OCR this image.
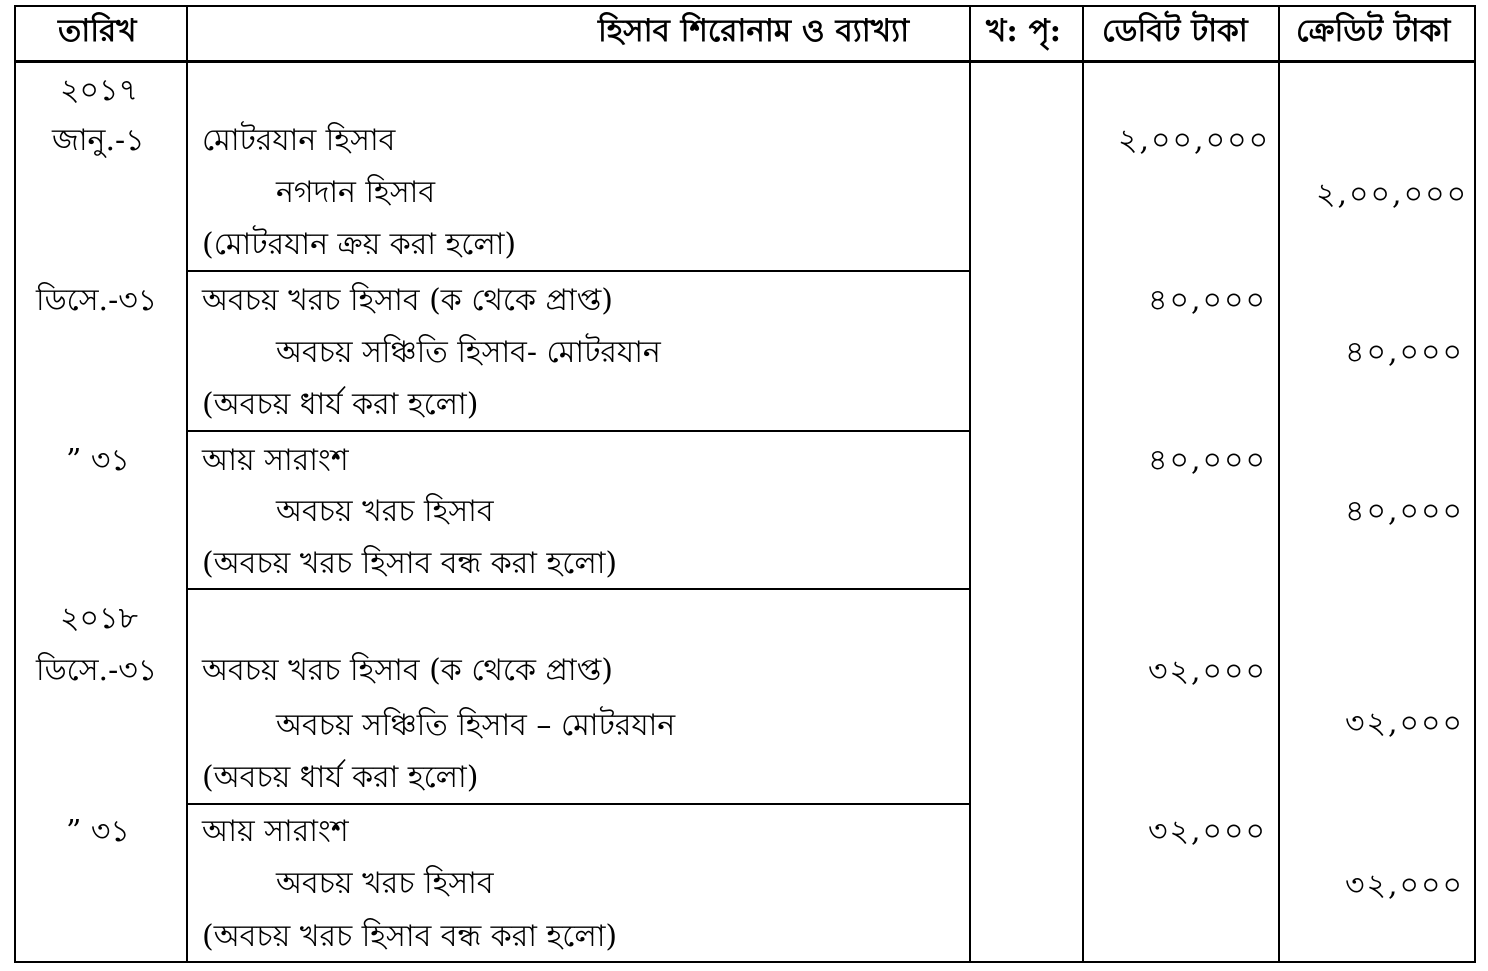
তারিখ	হিসাব শিরোনাম ও ব্যাখ্যা খ: পৃ: ডেবিট টাকা ক্রেডিট টাকা
২০১৭
জানু.-১ মোটরযান হিসাব
নগদান হিসাব
(মোটরযান ক্রয় করা হলো)
২,০০,০০০
২,০০,০০০
ডিসে.-৩১ অবচয় খরচ হিসাব (ক থেকে প্রাপ্ত)
অবচয় সঞ্চিতি হিসাব- মোটরযান
(অবচয় ধার্য করা হলো)
৪০,০০০
৪০,০০০
” ৩১ আয় সারাংশ
অবচয় খরচ হিসাব
(অবচয় খরচ হিসাব বন্ধ করা হলো)
৪০,০০০
৪০,০০০
২০১৮
ডিসে.-৩১ অবচয় খরচ হিসাব (ক থেকে প্রাপ্ত)
অবচয় সঞ্চিতি হিসাব – মোটরযান
(অবচয় ধার্য করা হলো)
৩২,০০০
৩২,০০০
” ৩১ আয় সারাংশ
অবচয় খরচ হিসাব
(অবচয় খরচ হিসাব বন্ধ করা হলো)
৩২,০০০
৩২,০০০
